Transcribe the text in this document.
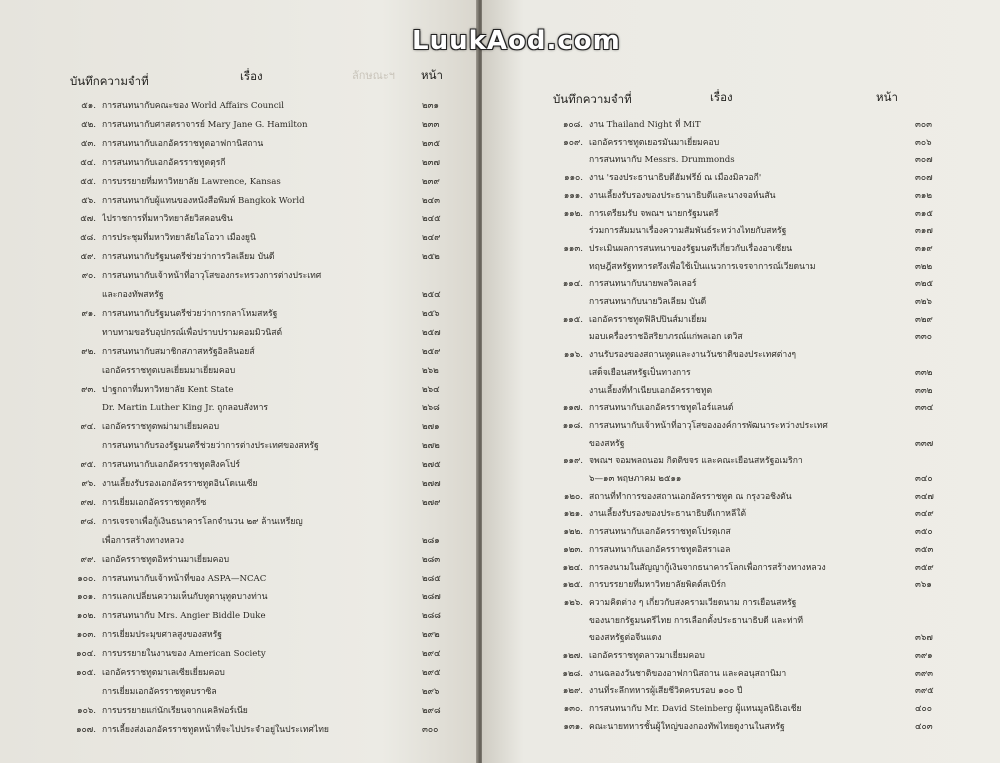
ลักษณะฯ
บันทึกความจำที่	เรื่อง	หน้า
๕๑. การสนทนากับคณะของ World Affairs Council	๒๓๑
๕๒. การสนทนากับศาสตราจารย์ Mary Jane G. Hamilton	๒๓๓
๕๓. การสนทนากับเอกอัครราชทูตอาฟกานิสถาน	๒๓๕
๕๔. การสนทนากับเอกอัครราชทูตตุรกี	๒๓๗
๕๕. การบรรยายที่มหาวิทยาลัย Lawrence, Kansas	๒๓๙
๕๖. การสนทนากับผู้แทนของหนังสือพิมพ์ Bangkok World	๒๔๓
๕๗. ไปราชการที่มหาวิทยาลัยวิสคอนซิน	๒๔๕
๕๘. การประชุมที่มหาวิทยาลัยไอโอวา เมืองยูนิ	๒๔๙
๕๙. การสนทนากับรัฐมนตรีช่วยว่าการวิลเลียม บันดี	๒๕๒
๙๐. การสนทนากับเจ้าหน้าที่อาวุโสของกระทรวงการต่างประเทศ
และกองทัพสหรัฐ	๒๕๔
๙๑. การสนทนากับรัฐมนตรีช่วยว่าการกลาโหมสหรัฐ	๒๕๖
ทาบทามขอรับอุปกรณ์เพื่อปราบปรามคอมมิวนิสต์	๒๕๗
๙๒. การสนทนากับสมาชิกสภาสหรัฐอิลลินอยส์	๒๕๙
เอกอัครราชทูตเบลเยี่ยมมาเยี่ยมคอบ	๒๖๒
๙๓. ปาฐกถาที่มหาวิทยาลัย Kent State	๒๖๔
Dr. Martin Luther King Jr. ถูกลอบสังหาร	๒๖๘
๙๔. เอกอัครราชทูตพม่ามาเยี่ยมคอบ	๒๗๑
การสนทนากับรองรัฐมนตรีช่วยว่าการต่างประเทศของสหรัฐ	๒๗๒
๙๕. การสนทนากับเอกอัครราชทูตสิงคโปร์	๒๗๕
๙๖. งานเลี้ยงรับรองเอกอัครราชทูตอินโดเนเซีย	๒๗๗
๙๗. การเยี่ยมเอกอัครราชทูตกรีซ	๒๗๙
๙๘. การเจรจาเพื่อกู้เงินธนาคารโลกจำนวน ๒๙ ล้านเหรียญ
เพื่อการสร้างทางหลวง	๒๘๑
๙๙. เอกอัครราชทูตอิหร่านมาเยี่ยมคอบ	๒๘๓
๑๐๐. การสนทนากับเจ้าหน้าที่ของ ASPA—NCAC	๒๘๕
๑๐๑. การแลกเปลี่ยนความเห็นกับทูตานุทูตบางท่าน	๒๘๗
๑๐๒. การสนทนากับ Mrs. Angier Biddle Duke	๒๘๘
๑๐๓. การเยี่ยมประมุขศาลสูงของสหรัฐ	๒๙๒
๑๐๔. การบรรยายในงานของ American Society	๒๙๔
๑๐๕. เอกอัครราชทูตมาเลเซียเยี่ยมคอบ	๒๙๕
การเยี่ยมเอกอัครราชทูตบราซิล	๒๙๖
๑๐๖. การบรรยายแก่นักเรียนจากแคลิฟอร์เนีย	๒๙๘
๑๐๗. การเลี้ยงส่งเอกอัครราชทูตหน้าที่จะไปประจำอยู่ในประเทศไทย	๓๐๐
บันทึกความจำที่	เรื่อง	หน้า
๑๐๘. งาน Thailand Night ที่ MiT	๓๐๓
๑๐๙. เอกอัครราชทูตเยอรมันมาเยี่ยมคอบ	๓๐๖
การสนทนากับ Messrs. Drummonds	๓๐๗
๑๑๐. งาน 'รองประธานาธิบดีฮัมฟรีย์ ณ เมืองมิลวอกี'	๓๐๗
๑๑๑. งานเลี้ยงรับรองของประธานาธิบดีและนางจอห์นสัน	๓๑๒
๑๑๒. การเตรียมรับ จพณฯ นายกรัฐมนตรี	๓๑๕
ร่วมการสัมมนาเรื่องความสัมพันธ์ระหว่างไทยกับสหรัฐ	๓๑๗
๑๑๓. ประเมินผลการสนทนาของรัฐมนตรีเกี่ยวกับเรื่องอาเซียน	๓๑๙
ทฤษฎีสหรัฐทหารตรึงเพื่อใช้เป็นแนวการเจรจาการณ์เวียดนาม	๓๒๒
๑๑๔. การสนทนากับนายพลวิลเลอร์	๓๒๕
การสนทนากับนายวิลเลียม บันดี	๓๒๖
๑๑๕. เอกอัครราชทูตฟิลิปปินส์มาเยี่ยม	๓๒๙
มอบเครื่องราชอิสริยาภรณ์แก่พลเอก เดวิส	๓๓๐
๑๑๖. งานรับรองของสถานทูตและงานวันชาติของประเทศต่างๆ
เสด็จเยือนสหรัฐเป็นทางการ	๓๓๒
งานเลี้ยงที่ทำเนียบเอกอัครราชทูต	๓๓๒
๑๑๗. การสนทนากับเอกอัครราชทูตไอร์แลนด์	๓๓๔
๑๑๘. การสนทนากับเจ้าหน้าที่อาวุโสขององค์การพัฒนาระหว่างประเทศ
ของสหรัฐ	๓๓๗
๑๑๙. จพณฯ จอมพลถนอม กิตติขจร และคณะเยือนสหรัฐอเมริกา
๖—๑๓ พฤษภาคม ๒๕๑๑	๓๔๐
๑๒๐. สถานที่ทำการของสถานเอกอัครราชทูต ณ กรุงวอชิงตัน	๓๔๗
๑๒๑. งานเลี้ยงรับรองของประธานาธิบดีเกาหลีใต้	๓๔๙
๑๒๒. การสนทนากับเอกอัครราชทูตโปรตุเกส	๓๕๐
๑๒๓. การสนทนากับเอกอัครราชทูตอิสราเอล	๓๕๓
๑๒๔. การลงนามในสัญญากู้เงินจากธนาคารโลกเพื่อการสร้างทางหลวง	๓๕๙
๑๒๕. การบรรยายที่มหาวิทยาลัยพิตต์สเบิร์ก	๓๖๑
๑๒๖. ความคิดต่าง ๆ เกี่ยวกับสงครามเวียดนาม การเยือนสหรัฐ
ของนายกรัฐมนตรีไทย การเลือกตั้งประธานาธิบดี และท่าที
ของสหรัฐต่อจีนแดง	๓๖๗
๑๒๗. เอกอัครราชทูตลาวมาเยี่ยมคอบ	๓๙๑
๑๒๘. งานฉลองวันชาติของอาฟกานิสถาน และคอนุสถานิมา	๓๙๓
๑๒๙. งานที่ระลึกทหารผู้เสียชีวิตครบรอบ ๑๐๐ ปี	๓๙๕
๑๓๐. การสนทนากับ Mr. David Steinberg ผู้แทนมูลนิธิเอเชีย	๔๐๐
๑๓๑. คณะนายทหารชั้นผู้ใหญ่ของกองทัพไทยดูงานในสหรัฐ	๔๐๓
LuukAod.com
